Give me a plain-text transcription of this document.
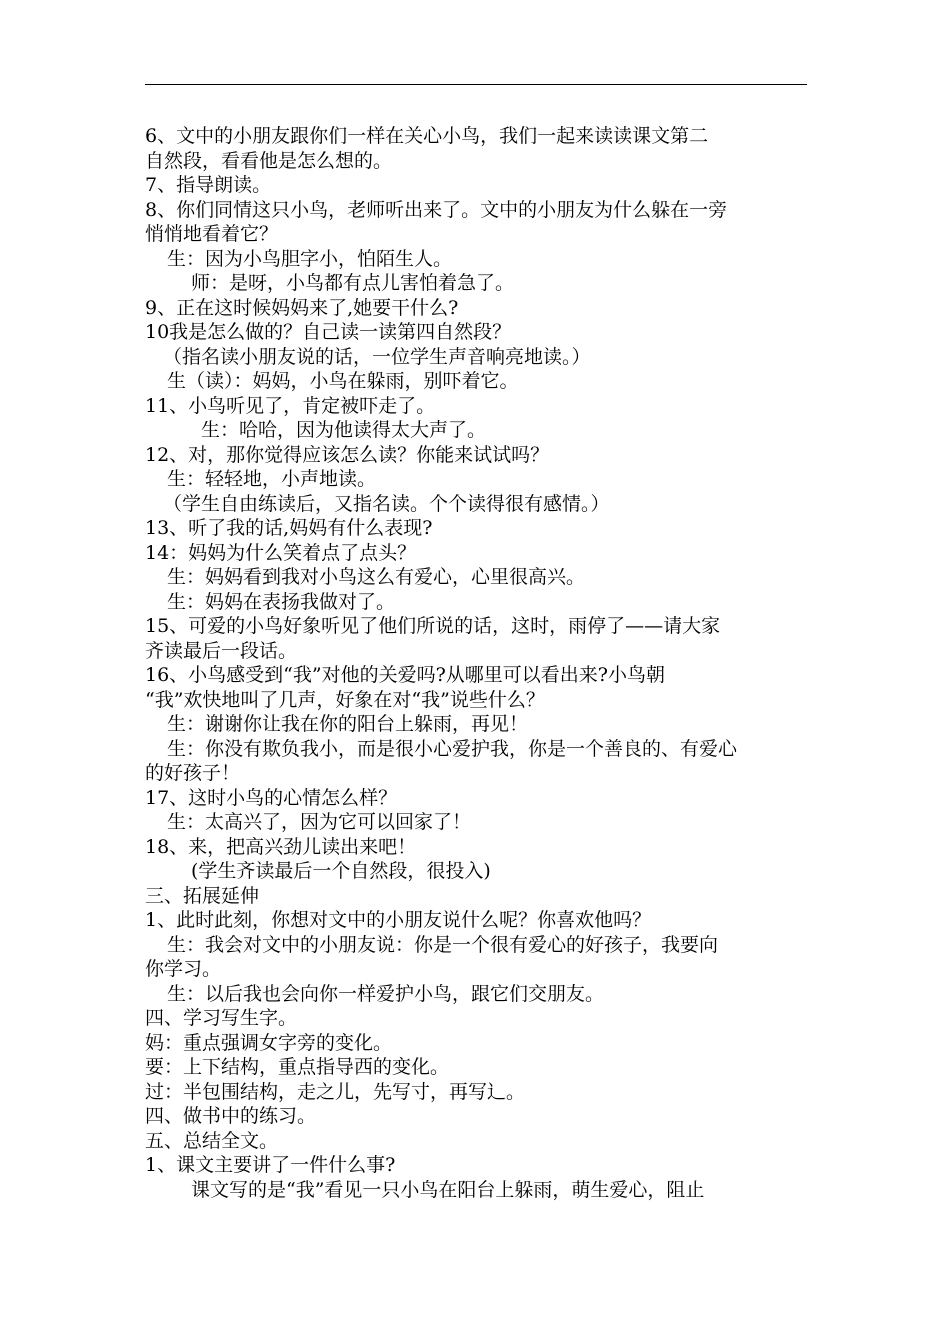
6、文中的小朋友跟你们一样在关心小鸟，我们一起来读读课文第二
自然段，看看他是怎么想的。
7、指导朗读。
8、你们同情这只小鸟，老师听出来了。文中的小朋友为什么躲在一旁
悄悄地看着它？
生：因为小鸟胆字小，怕陌生人。
师：是呀，小鸟都有点儿害怕着急了。
9、正在这时候妈妈来了,她要干什么?
10我是怎么做的？自己读一读第四自然段？
（指名读小朋友说的话，一位学生声音响亮地读。）
生（读）：妈妈，小鸟在躲雨，别吓着它。
11、小鸟听见了，肯定被吓走了。
生：哈哈，因为他读得太大声了。
12、对，那你觉得应该怎么读？你能来试试吗？
生：轻轻地，小声地读。
（学生自由练读后，又指名读。个个读得很有感情。）
13、听了我的话,妈妈有什么表现?
14：妈妈为什么笑着点了点头？
生：妈妈看到我对小鸟这么有爱心，心里很高兴。
生：妈妈在表扬我做对了。
15、可爱的小鸟好象听见了他们所说的话，这时，雨停了——请大家
齐读最后一段话。
16、小鸟感受到“我”对他的关爱吗?从哪里可以看出来?小鸟朝
“我”欢快地叫了几声，好象在对“我”说些什么？
生：谢谢你让我在你的阳台上躲雨，再见！
生：你没有欺负我小，而是很小心爱护我，你是一个善良的、有爱心
的好孩子！
17、这时小鸟的心情怎么样？
生：太高兴了，因为它可以回家了！
18、来，把高兴劲儿读出来吧！
(学生齐读最后一个自然段，很投入)
三、拓展延伸
1、此时此刻，你想对文中的小朋友说什么呢？你喜欢他吗？
生：我会对文中的小朋友说：你是一个很有爱心的好孩子，我要向
你学习。
生：以后我也会向你一样爱护小鸟，跟它们交朋友。
四、学习写生字。
妈：重点强调女字旁的变化。
要：上下结构，重点指导西的变化。
过：半包围结构，走之儿，先写寸，再写辶。
四、做书中的练习。
五、总结全文。
1、课文主要讲了一件什么事?
课文写的是“我”看见一只小鸟在阳台上躲雨，萌生爱心，阻止
